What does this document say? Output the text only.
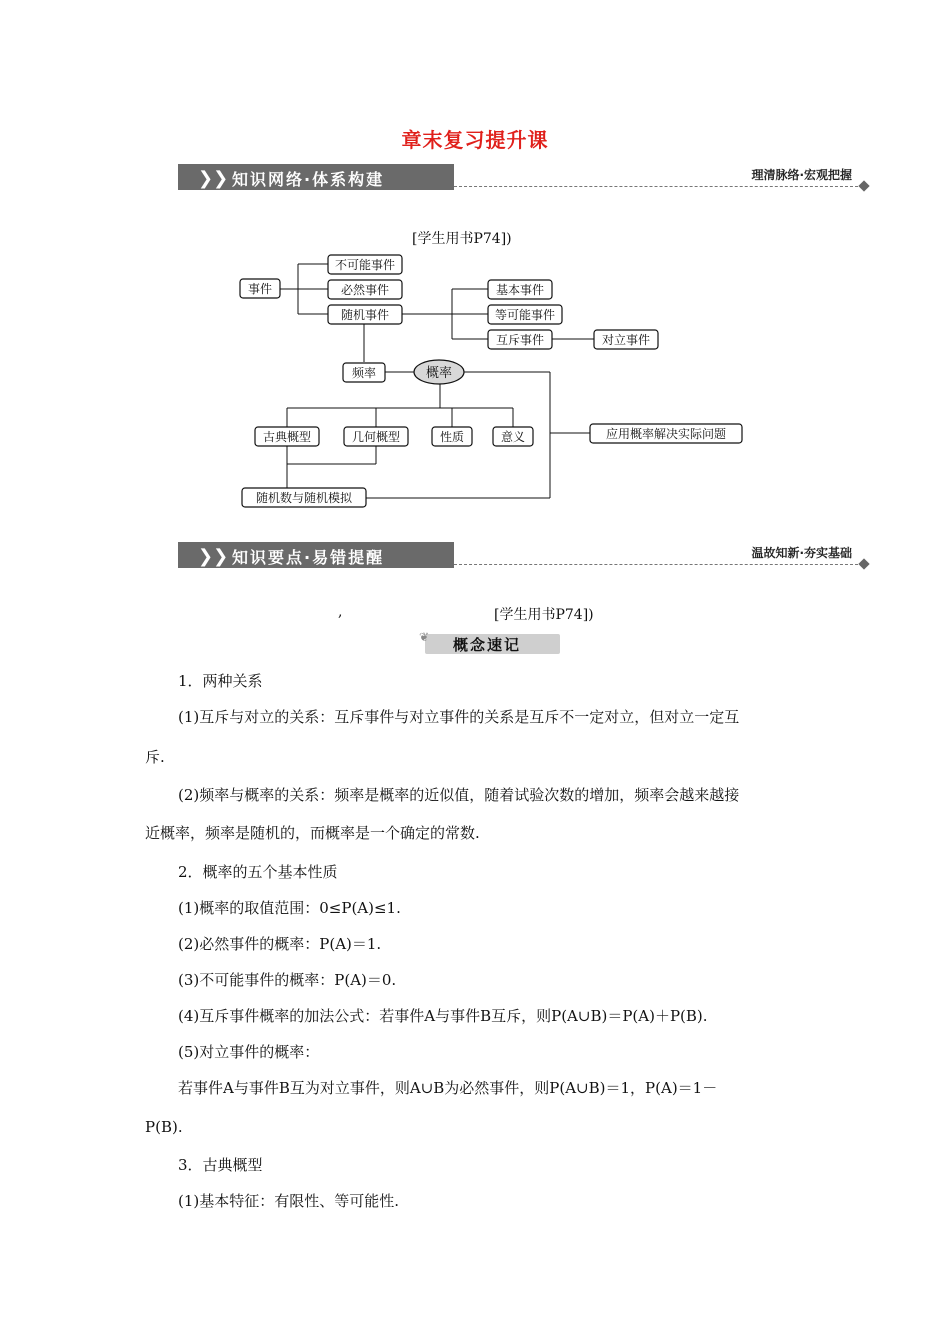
章末复习提升课
❯❯ 知识网络·体系构建	理清脉络·宏观把握
[学生用书P74])
事件
不可能事件
必然事件
随机事件
基本事件
等可能事件
互斥事件	对立事件
频率	概率
古典概型	几何概型	性质	意义	应用概率解决实际问题
随机数与随机模拟
❯❯ 知识要点·易错提醒	温故知新·夯实基础
,	[学生用书P74])
❦ 概念速记
1．两种关系
(1)互斥与对立的关系：互斥事件与对立事件的关系是互斥不一定对立，但对立一定互
斥.
(2)频率与概率的关系：频率是概率的近似值，随着试验次数的增加，频率会越来越接
近概率，频率是随机的，而概率是一个确定的常数.
2．概率的五个基本性质
(1)概率的取值范围：0≤P(A)≤1.
(2)必然事件的概率：P(A)＝1.
(3)不可能事件的概率：P(A)＝0.
(4)互斥事件概率的加法公式：若事件A与事件B互斥，则P(A∪B)＝P(A)＋P(B).
(5)对立事件的概率：
若事件A与事件B互为对立事件，则A∪B为必然事件，则P(A∪B)＝1，P(A)＝1－
P(B).
3．古典概型
(1)基本特征：有限性、等可能性.
